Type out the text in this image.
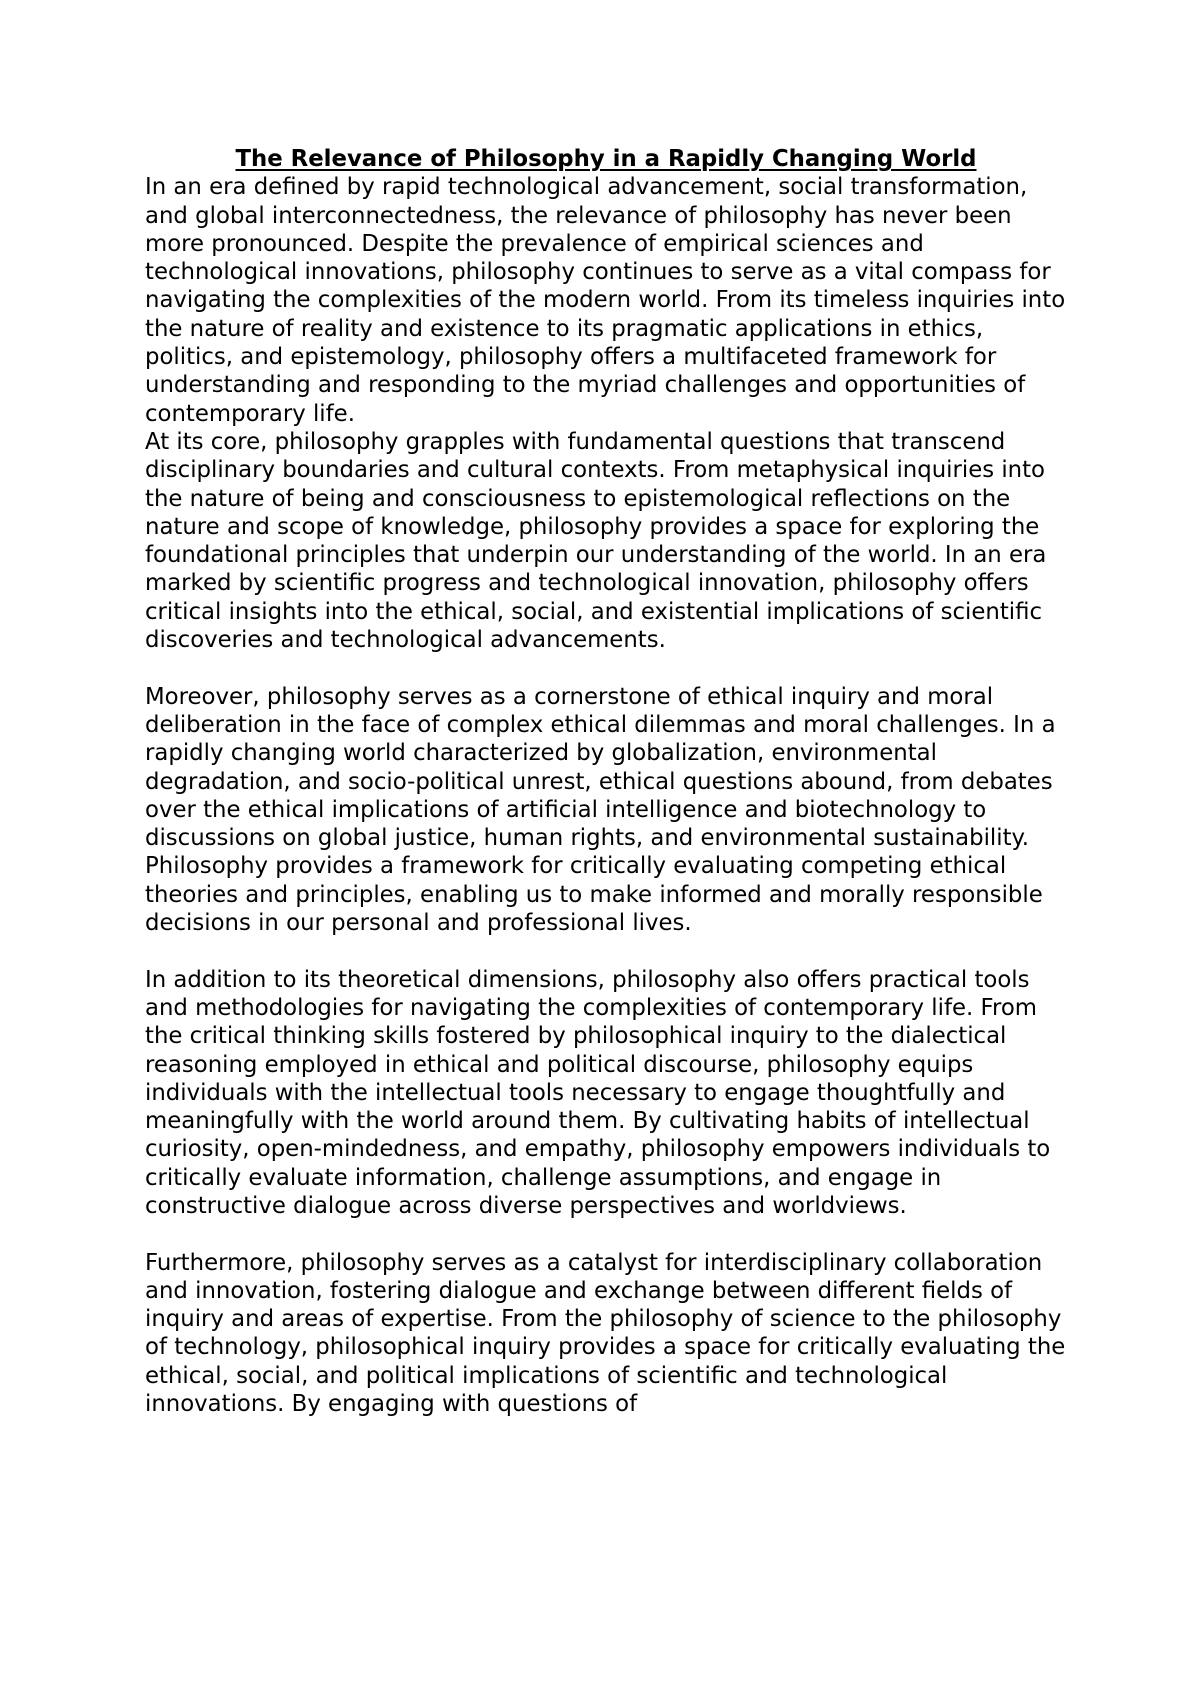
The Relevance of Philosophy in a Rapidly Changing World

In an era defined by rapid technological advancement, social transformation, and global interconnectedness, the relevance of philosophy has never been more pronounced. Despite the prevalence of empirical sciences and technological innovations, philosophy continues to serve as a vital compass for navigating the complexities of the modern world. From its timeless inquiries into the nature of reality and existence to its pragmatic applications in ethics, politics, and epistemology, philosophy offers a multifaceted framework for understanding and responding to the myriad challenges and opportunities of contemporary life.

At its core, philosophy grapples with fundamental questions that transcend disciplinary boundaries and cultural contexts. From metaphysical inquiries into the nature of being and consciousness to epistemological reflections on the nature and scope of knowledge, philosophy provides a space for exploring the foundational principles that underpin our understanding of the world. In an era marked by scientific progress and technological innovation, philosophy offers critical insights into the ethical, social, and existential implications of scientific discoveries and technological advancements.

Moreover, philosophy serves as a cornerstone of ethical inquiry and moral deliberation in the face of complex ethical dilemmas and moral challenges. In a rapidly changing world characterized by globalization, environmental degradation, and socio-political unrest, ethical questions abound, from debates over the ethical implications of artificial intelligence and biotechnology to discussions on global justice, human rights, and environmental sustainability. Philosophy provides a framework for critically evaluating competing ethical theories and principles, enabling us to make informed and morally responsible decisions in our personal and professional lives.

In addition to its theoretical dimensions, philosophy also offers practical tools and methodologies for navigating the complexities of contemporary life. From the critical thinking skills fostered by philosophical inquiry to the dialectical reasoning employed in ethical and political discourse, philosophy equips individuals with the intellectual tools necessary to engage thoughtfully and meaningfully with the world around them. By cultivating habits of intellectual curiosity, open-mindedness, and empathy, philosophy empowers individuals to critically evaluate information, challenge assumptions, and engage in constructive dialogue across diverse perspectives and worldviews.

Furthermore, philosophy serves as a catalyst for interdisciplinary collaboration and innovation, fostering dialogue and exchange between different fields of inquiry and areas of expertise. From the philosophy of science to the philosophy of technology, philosophical inquiry provides a space for critically evaluating the ethical, social, and political implications of scientific and technological innovations. By engaging with questions of
